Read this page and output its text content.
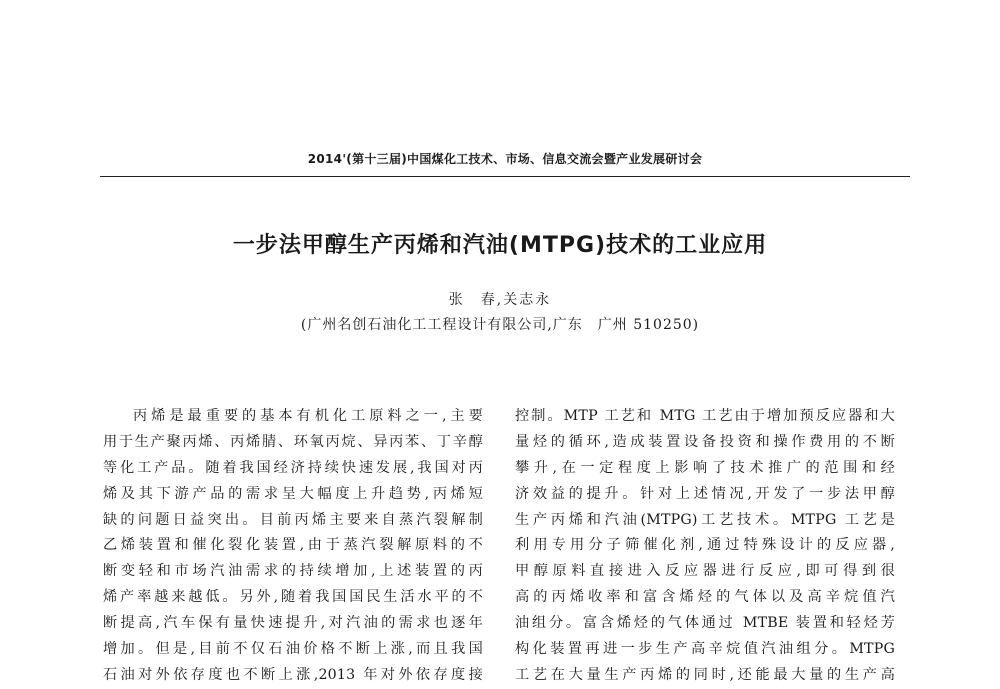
2014'(第十三届)中国煤化工技术、市场、信息交流会暨产业发展研讨会
一步法甲醇生产丙烯和汽油(MTPG)技术的工业应用
张　春,关志永
(广州名创石油化工工程设计有限公司,广东　广州 510250)
丙烯是最重要的基本有机化工原料之一,主要
用于生产聚丙烯、丙烯腈、环氧丙烷、异丙苯、丁辛醇
等化工产品。随着我国经济持续快速发展,我国对丙
烯及其下游产品的需求呈大幅度上升趋势,丙烯短
缺的问题日益突出。目前丙烯主要来自蒸汽裂解制
乙烯装置和催化裂化装置,由于蒸汽裂解原料的不
断变轻和市场汽油需求的持续增加,上述装置的丙
烯产率越来越低。另外,随着我国国民生活水平的不
断提高,汽车保有量快速提升,对汽油的需求也逐年
增加。但是,目前不仅石油价格不断上涨,而且我国
石油对外依存度也不断上涨,2013 年对外依存度接
控制。MTP 工艺和 MTG 工艺由于增加预反应器和大
量烃的循环,造成装置设备投资和操作费用的不断
攀升,在一定程度上影响了技术推广的范围和经
济效益的提升。针对上述情况,开发了一步法甲醇
生产丙烯和汽油(MTPG)工艺技术。MTPG 工艺是
利用专用分子筛催化剂,通过特殊设计的反应器,
甲醇原料直接进入反应器进行反应,即可得到很
高的丙烯收率和富含烯烃的气体以及高辛烷值汽
油组分。富含烯烃的气体通过 MTBE 装置和轻烃芳
构化装置再进一步生产高辛烷值汽油组分。MTPG
工艺在大量生产丙烯的同时,还能最大量的生产高
